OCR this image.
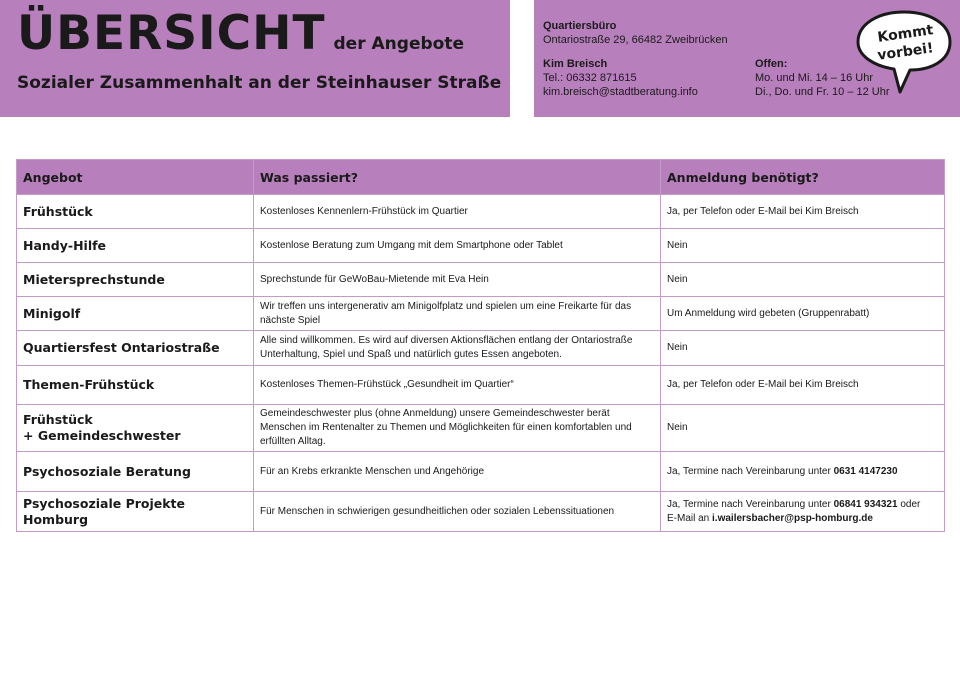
ÜBERSICHT der Angebote
Sozialer Zusammenhalt an der Steinhauser Straße
Quartiersbüro
Ontariostraße 29, 66482 Zweibrücken
Kim Breisch
Tel.: 06332 871615
kim.breisch@stadtberatung.info
Offen:
Mo. und Mi. 14 – 16 Uhr
Di., Do. und Fr. 10 – 12 Uhr
Kommt
vorbei!
Angebot	Was passiert?	Anmeldung benötigt?
Frühstück	Kostenloses Kennenlern-Frühstück im Quartier	Ja, per Telefon oder E-Mail bei Kim Breisch
Handy-Hilfe	Kostenlose Beratung zum Umgang mit dem Smartphone oder Tablet	Nein
Mietersprechstunde	Sprechstunde für GeWoBau-Mietende mit Eva Hein	Nein
Minigolf	Wir treffen uns intergenerativ am Minigolfplatz und spielen um eine Freikarte für das nächste Spiel	Um Anmeldung wird gebeten (Gruppenrabatt)
Quartiersfest Ontariostraße	Alle sind willkommen. Es wird auf diversen Aktionsflächen entlang der Ontariostraße Unterhaltung, Spiel und Spaß und natürlich gutes Essen angeboten.	Nein
Themen-Frühstück	Kostenloses Themen-Frühstück „Gesundheit im Quartier“	Ja, per Telefon oder E-Mail bei Kim Breisch

Frühstück
+ Gemeindeschwester	Gemeindeschwester plus (ohne Anmeldung) unsere Gemeindeschwester berät Menschen im Rentenalter zu Themen und Möglichkeiten für einen komfortablen und erfüllten Alltag.	Nein
Psychosoziale Beratung	Für an Krebs erkrankte Menschen und Angehörige	Ja, Termine nach Vereinbarung unter 0631 4147230
Psychosoziale Projekte Homburg	Für Menschen in schwierigen gesundheitlichen oder sozialen Lebenssituationen	Ja, Termine nach Vereinbarung unter 06841 934321 oder
E-Mail an i.wailersbacher@psp-homburg.de
